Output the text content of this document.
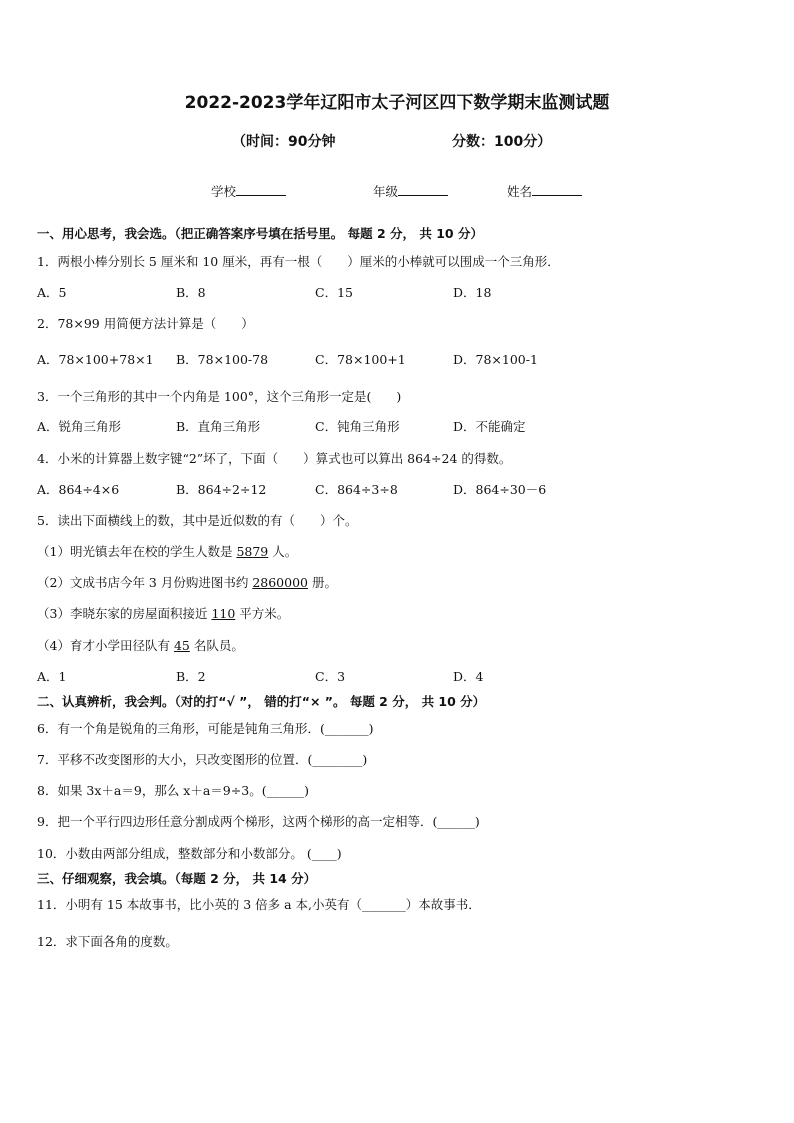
2022-2023学年辽阳市太子河区四下数学期末监测试题
（时间：90分钟	分数：100分）
学校	年级	姓名
一、用心思考，我会选。（把正确答案序号填在括号里。 每题 2 分， 共 10 分）
1．两根小棒分别长 5 厘米和 10 厘米，再有一根（　　）厘米的小棒就可以围成一个三角形．
A．5	B．8	C．15	D．18
2．78×99 用简便方法计算是（　　）
A．78×100+78×1 B．78×100-78	C．78×100+1	D．78×100-1
3．一个三角形的其中一个内角是 100°，这个三角形一定是(　　)
A．锐角三角形	B．直角三角形	C．钝角三角形	D．不能确定
4．小米的计算器上数字键“2”坏了，下面（　　）算式也可以算出 864÷24 的得数。
A．864÷4×6	B．864÷2÷12	C．864÷3÷8	D．864÷30－6
5．读出下面横线上的数，其中是近似数的有（　　）个。
（1）明光镇去年在校的学生人数是 5879 人。
（2）文成书店今年 3 月份购进图书约 2860000 册。
（3）李晓东家的房屋面积接近 110 平方米。
（4）育才小学田径队有 45 名队员。
A．1	B．2	C．3	D．4
二、认真辨析，我会判。（对的打“√ ”， 错的打“× ”。 每题 2 分， 共 10 分）
6．有一个角是锐角的三角形，可能是钝角三角形．(_______)
7．平移不改变图形的大小，只改变图形的位置．(________)
8．如果 3x＋a＝9，那么 x＋a＝9÷3。(______)
9．把一个平行四边形任意分割成两个梯形，这两个梯形的高一定相等．(______)
10．小数由两部分组成，整数部分和小数部分。 (____)
三、仔细观察，我会填。（每题 2 分， 共 14 分）
11．小明有 15 本故事书，比小英的 3 倍多 a 本,小英有（_______）本故事书．
12．求下面各角的度数。
